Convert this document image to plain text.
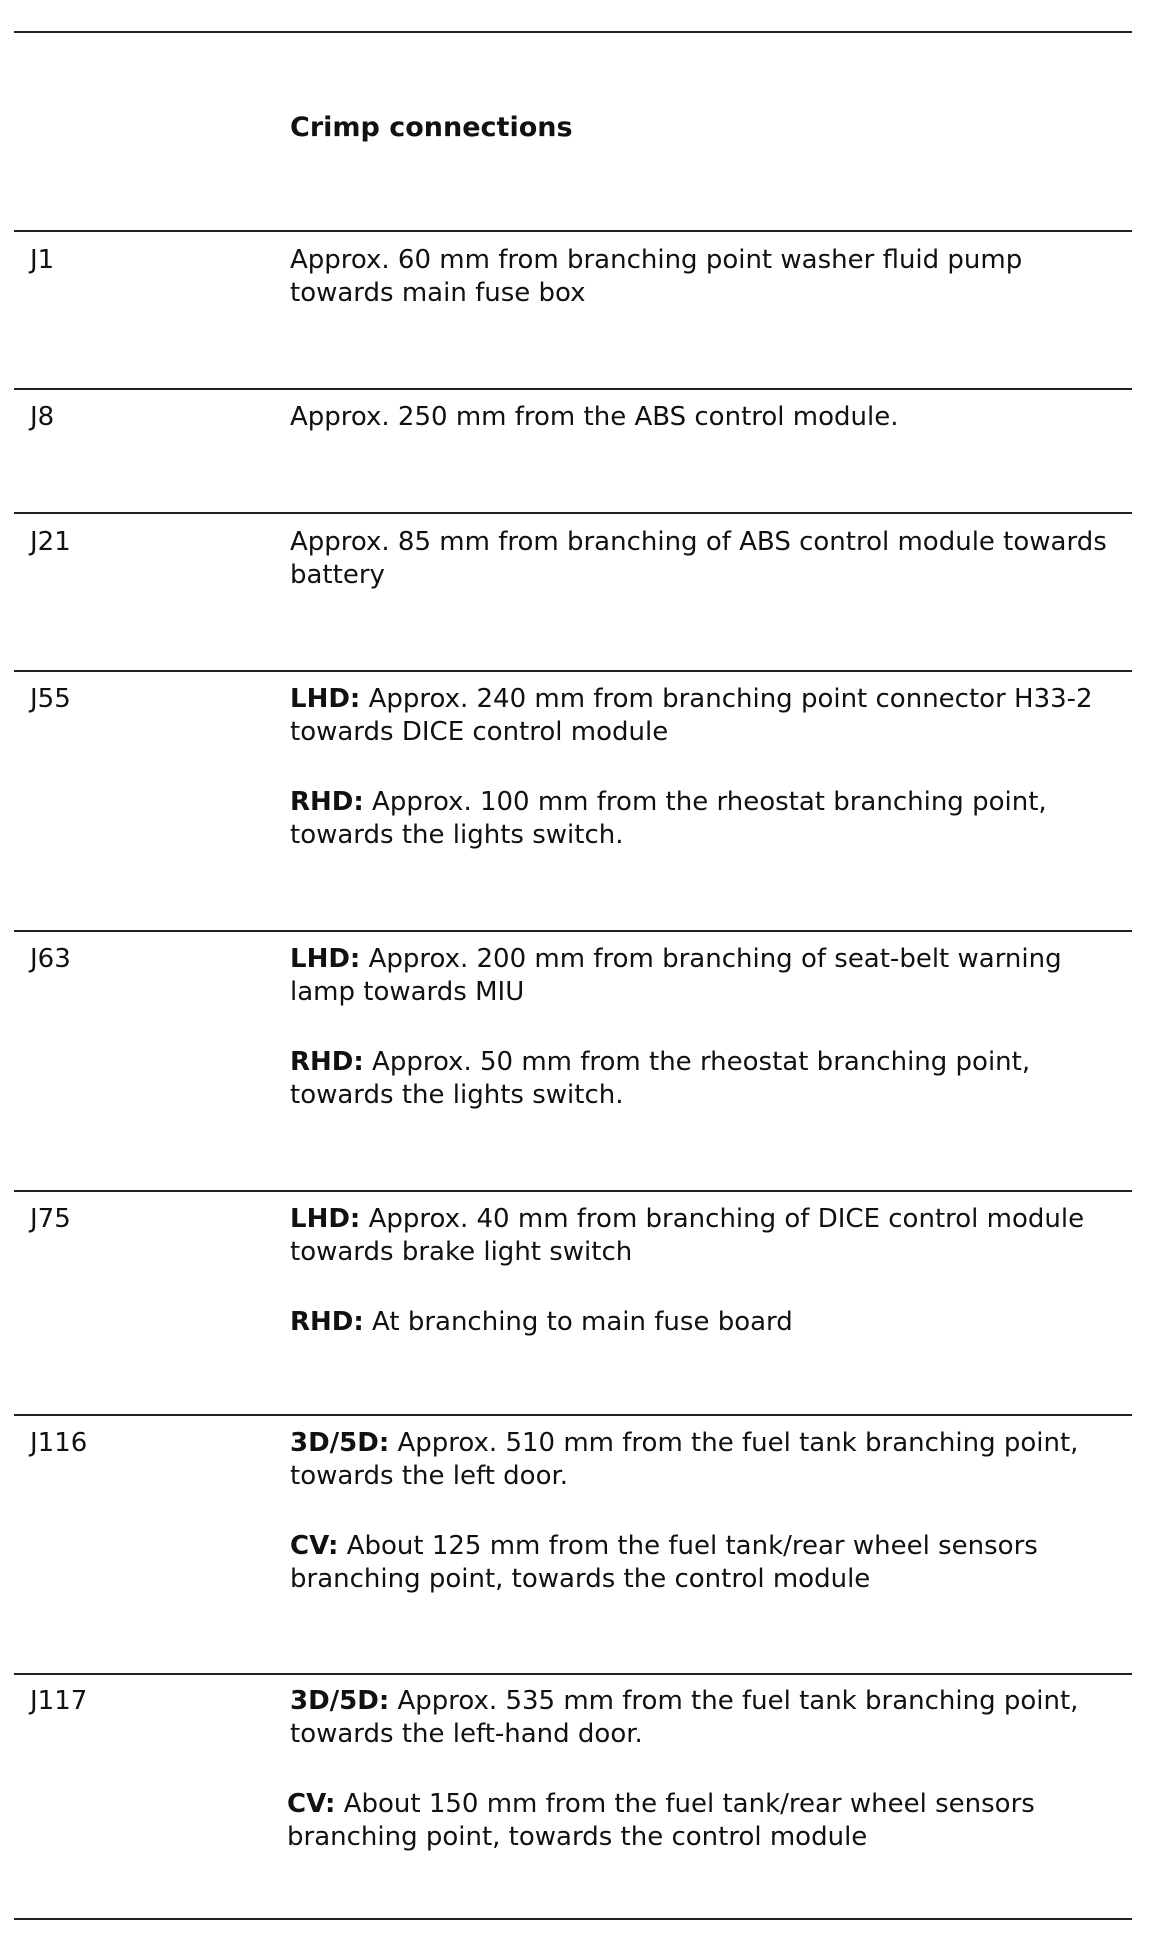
Crimp connections
J1	Approx. 60 mm from branching point washer fluid pump towards main fuse box

J8	Approx. 250 mm from the ABS control module.

J21	Approx. 85 mm from branching of ABS control module towards battery

J55	LHD: Approx. 240 mm from branching point connector H33-2 towards DICE control module

RHD: Approx. 100 mm from the rheostat branching point, towards the lights switch.

J63	LHD: Approx. 200 mm from branching of seat-belt warning lamp towards MIU

RHD: Approx. 50 mm from the rheostat branching point, towards the lights switch.

J75	LHD: Approx. 40 mm from branching of DICE control module towards brake light switch

RHD: At branching to main fuse board

J116	3D/5D: Approx. 510 mm from the fuel tank branching point, towards the left door.

CV: About 125 mm from the fuel tank/rear wheel sensors branching point, towards the control module

J117	3D/5D: Approx. 535 mm from the fuel tank branching point, towards the left-hand door.

CV: About 150 mm from the fuel tank/rear wheel sensors branching point, towards the control module
